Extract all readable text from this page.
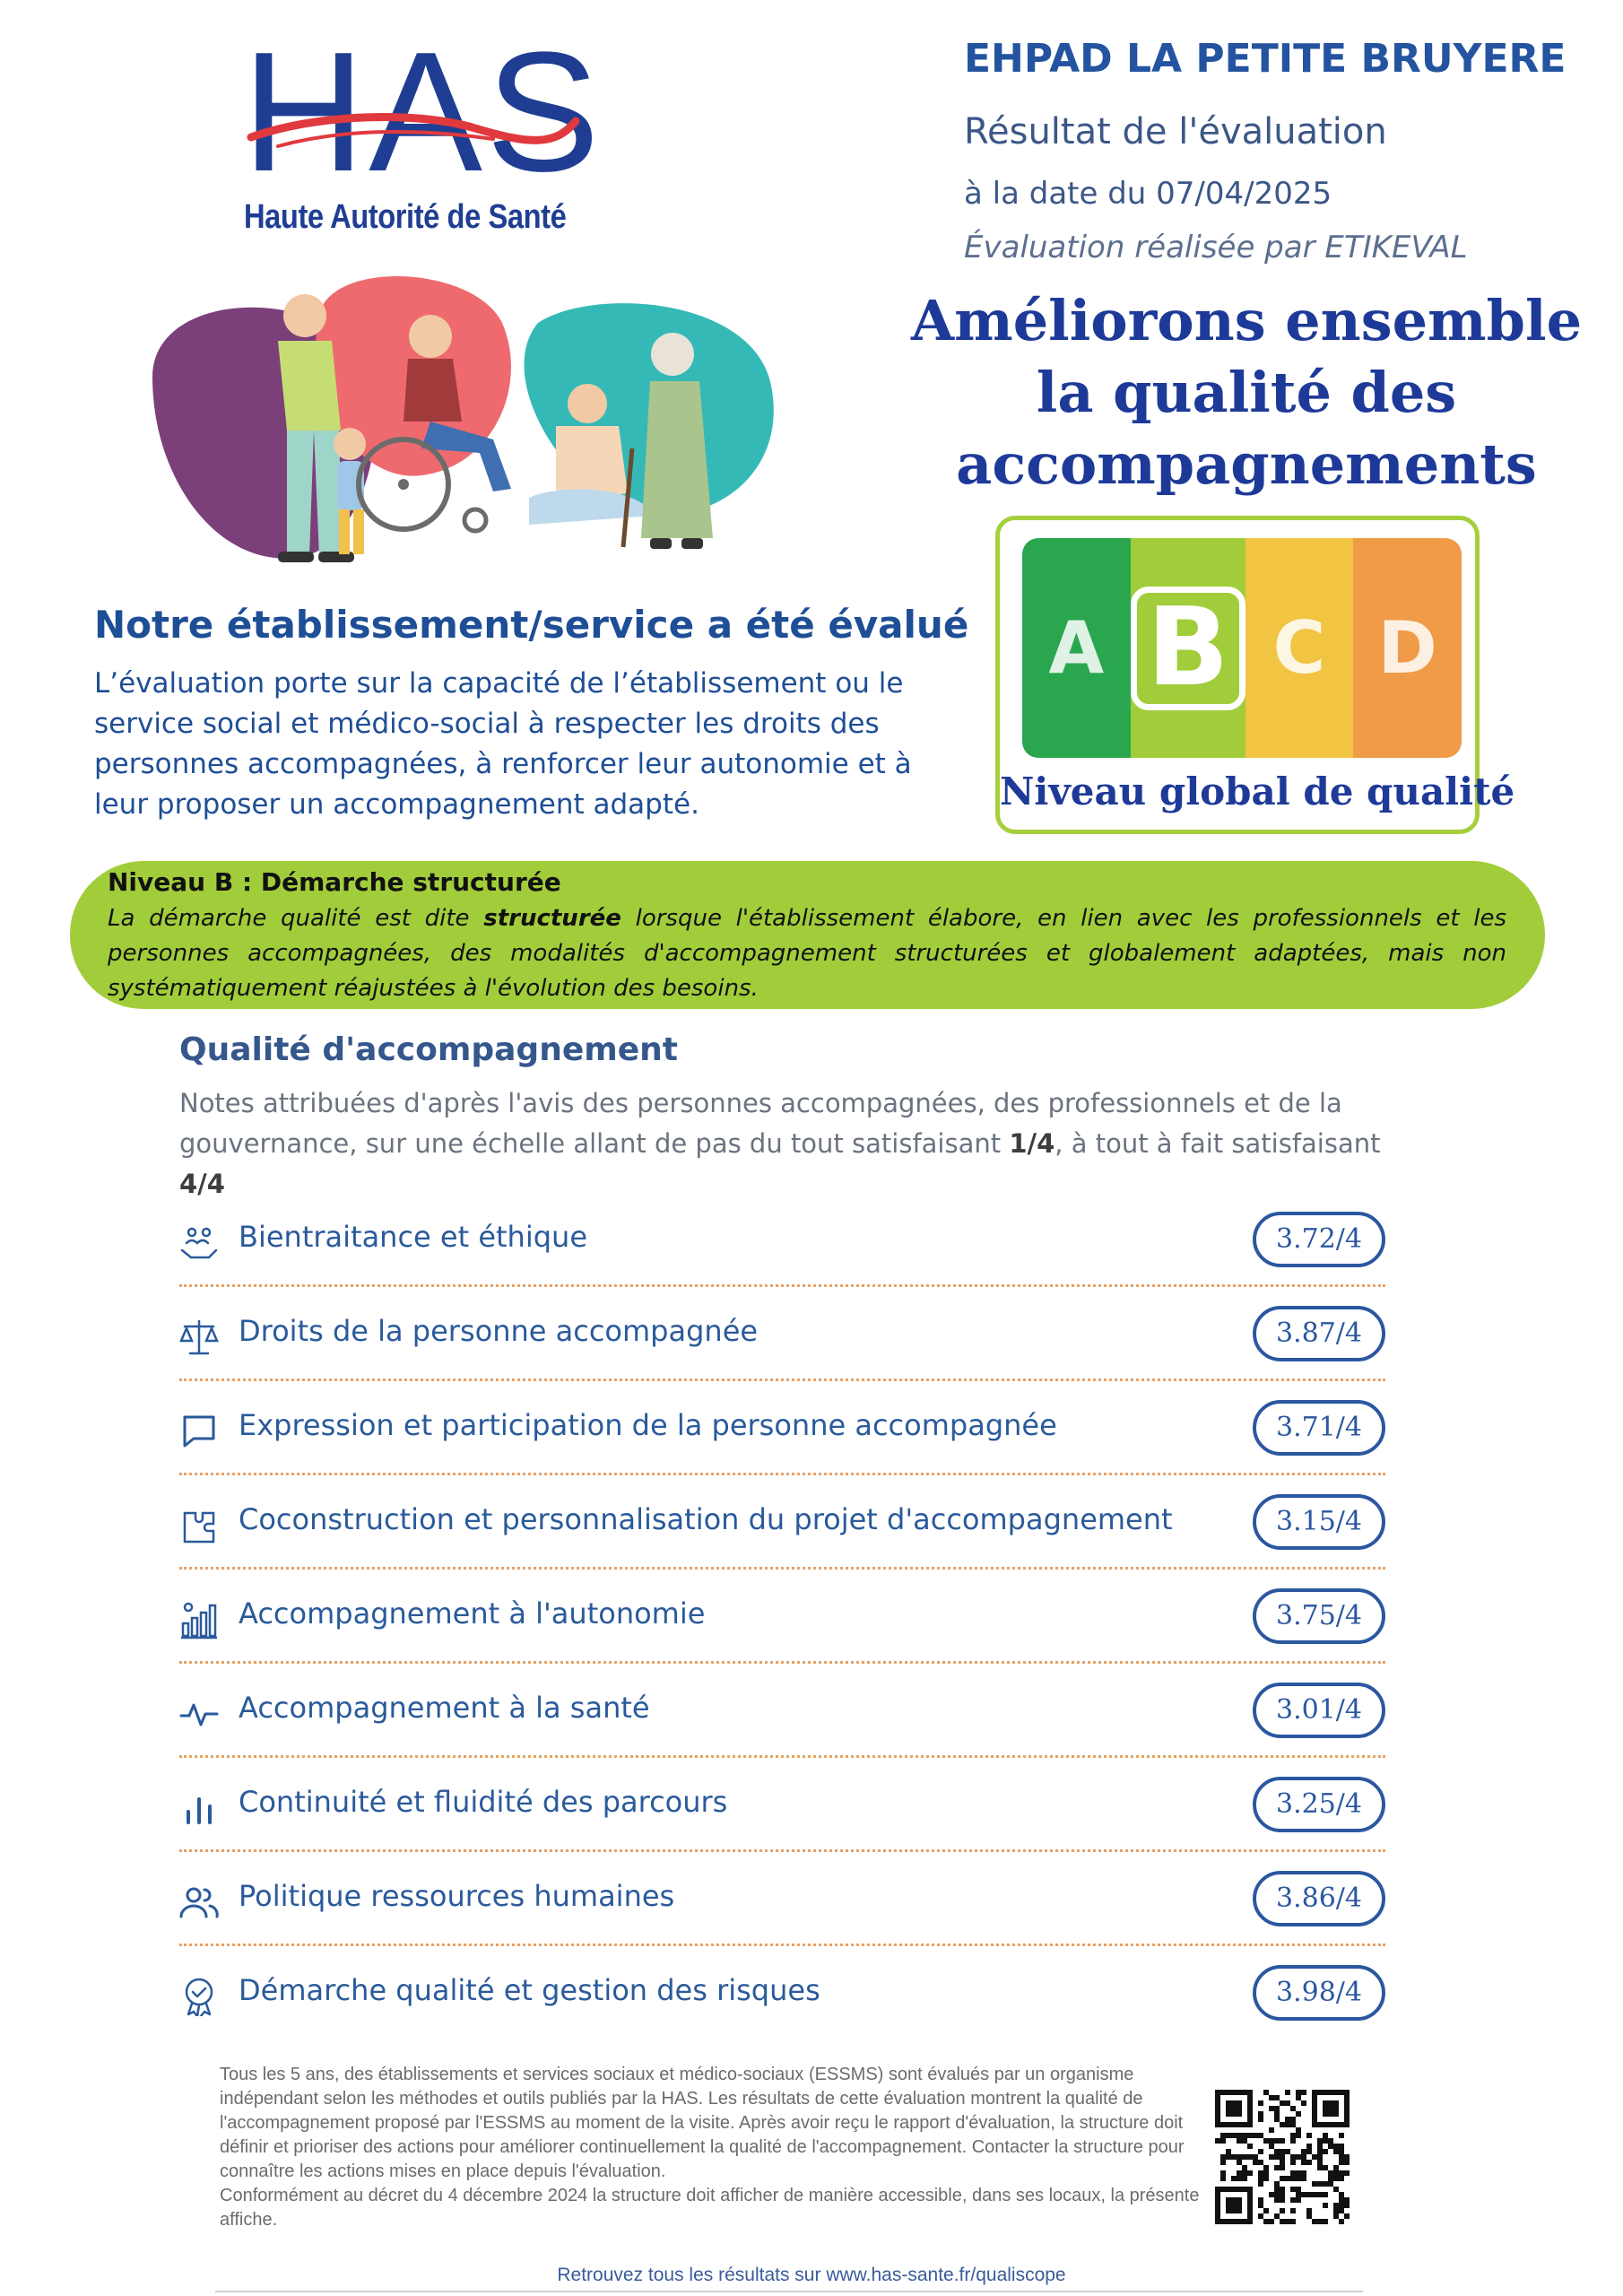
HAS
Haute Autorité de Santé
EHPAD LA PETITE BRUYERE
Résultat de l'évaluation
à la date du 07/04/2025
Évaluation réalisée par ETIKEVAL
Améliorons ensemble la qualité des accompagnements
A B C D
Niveau global de qualité
Notre établissement/service a été évalué
L’évaluation porte sur la capacité de l’établissement ou le service social et médico-social à respecter les droits des personnes accompagnées, à renforcer leur autonomie et à leur proposer un accompagnement adapté.
Niveau B : Démarche structurée
La démarche qualité est dite structurée lorsque l'établissement élabore, en lien avec les professionnels et les personnes accompagnées, des modalités d'accompagnement structurées et globalement adaptées, mais non systématiquement réajustées à l'évolution des besoins.
Qualité d'accompagnement
Notes attribuées d'après l'avis des personnes accompagnées, des professionnels et de la gouvernance, sur une échelle allant de pas du tout satisfaisant 1/4, à tout à fait satisfaisant 4/4
Bientraitance et éthique	3.72/4
Droits de la personne accompagnée	3.87/4
Expression et participation de la personne accompagnée	3.71/4
Coconstruction et personnalisation du projet d'accompagnement	3.15/4
Accompagnement à l'autonomie	3.75/4
Accompagnement à la santé	3.01/4
Continuité et fluidité des parcours	3.25/4
Politique ressources humaines	3.86/4
Démarche qualité et gestion des risques	3.98/4
Tous les 5 ans, des établissements et services sociaux et médico-sociaux (ESSMS) sont évalués par un organisme indépendant selon les méthodes et outils publiés par la HAS. Les résultats de cette évaluation montrent la qualité de l'accompagnement proposé par l'ESSMS au moment de la visite. Après avoir reçu le rapport d'évaluation, la structure doit définir et prioriser des actions pour améliorer continuellement la qualité de l'accompagnement. Contacter la structure pour connaître les actions mises en place depuis l'évaluation.
Conformément au décret du 4 décembre 2024 la structure doit afficher de manière accessible, dans ses locaux, la présente affiche.
Retrouvez tous les résultats sur www.has-sante.fr/qualiscope
